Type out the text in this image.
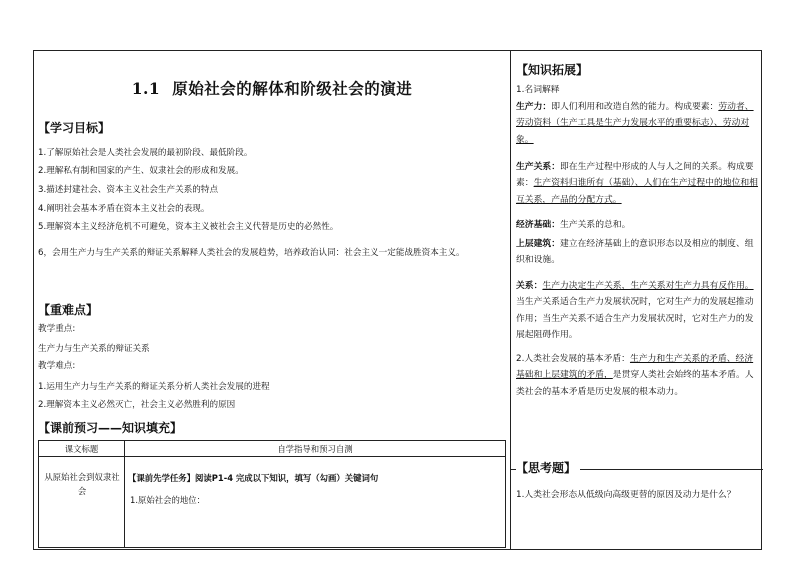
1.1 原始社会的解体和阶级社会的演进
【学习目标】
1.了解原始社会是人类社会发展的最初阶段、最低阶段。
2.理解私有制和国家的产生、奴隶社会的形成和发展。
3.描述封建社会、资本主义社会生产关系的特点
4.阐明社会基本矛盾在资本主义社会的表现。
5.理解资本主义经济危机不可避免，资本主义被社会主义代替是历史的必然性。
6，会用生产力与生产关系的辩证关系解释人类社会的发展趋势，培养政治认同：社会主义一定能战胜资本主义。
【重难点】
教学重点:
生产力与生产关系的辩证关系
教学难点:
1.运用生产力与生产关系的辩证关系分析人类社会发展的进程
2.理解资本主义必然灭亡，社会主义必然胜利的原因
【课前预习——知识填充】
课文标题	自学指导和预习自测
从原始社会到奴隶社会
【课前先学任务】阅读P1-4 完成以下知识，填写（勾画）关键词句
1.原始社会的地位：
【知识拓展】
1.名词解释
生产力：即人们利用和改造自然的能力。构成要素：劳动者、劳动资料（生产工具是生产力发展水平的重要标志）、劳动对象。
生产关系：即在生产过程中形成的人与人之间的关系。构成要素：生产资料归谁所有（基础）、人们在生产过程中的地位和相互关系，产品的分配方式。
经济基础：生产关系的总和。
上层建筑：建立在经济基础上的意识形态以及相应的制度、组织和设施。
关系：生产力决定生产关系，生产关系对生产力具有反作用。当生产关系适合生产力发展状况时，它对生产力的发展起推动作用；当生产关系不适合生产力发展状况时，它对生产力的发展起阻碍作用。
2.人类社会发展的基本矛盾：生产力和生产关系的矛盾、经济基础和上层建筑的矛盾，是贯穿人类社会始终的基本矛盾。人类社会的基本矛盾是历史发展的根本动力。
【思考题】
1.人类社会形态从低级向高级更替的原因及动力是什么？
